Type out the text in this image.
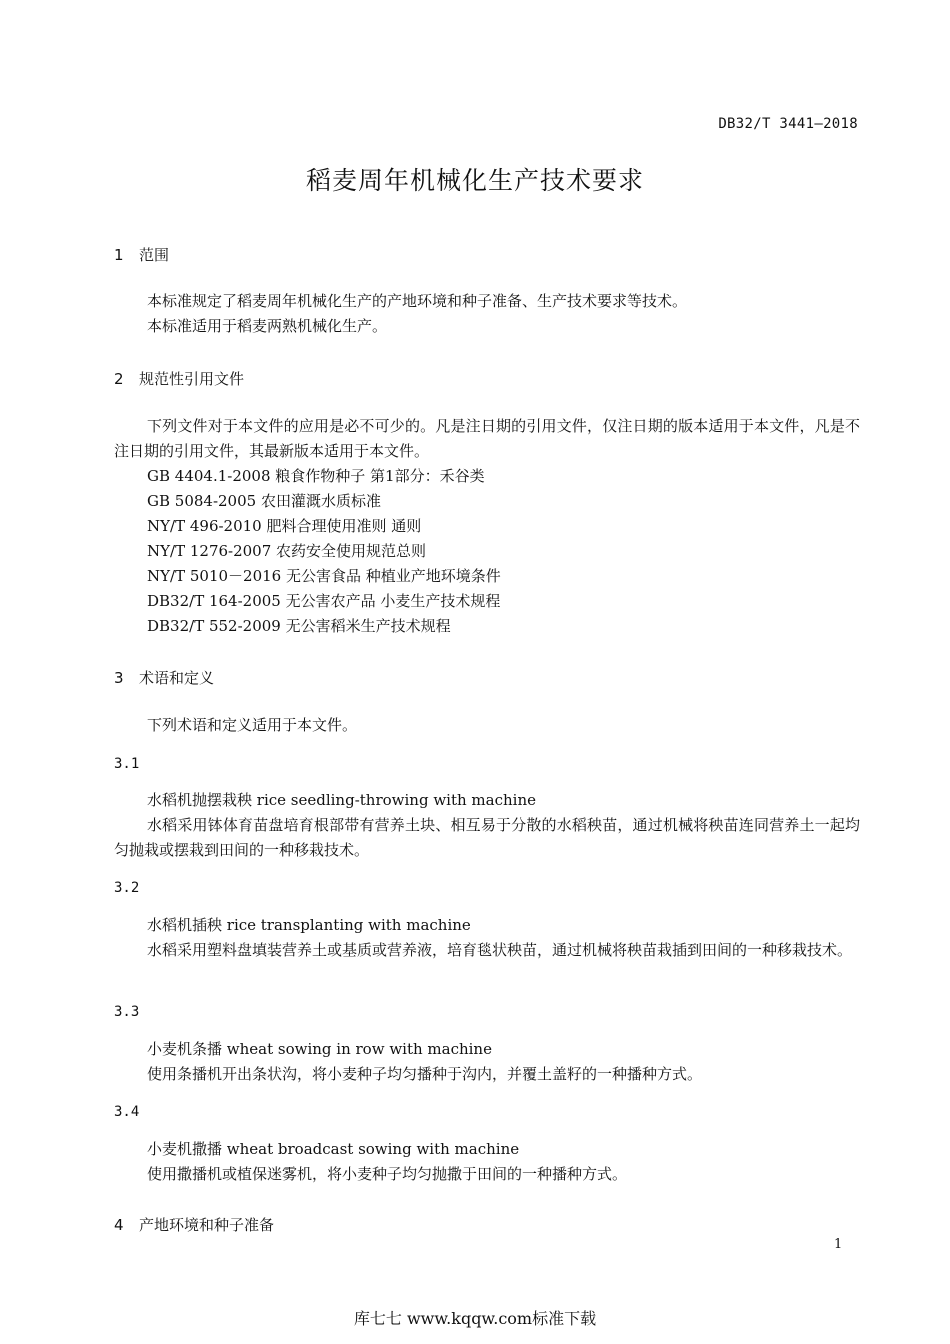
DB32/T 3441—2018
稻麦周年机械化生产技术要求
1 范围
本标准规定了稻麦周年机械化生产的产地环境和种子准备、生产技术要求等技术。
本标准适用于稻麦两熟机械化生产。
2 规范性引用文件
下列文件对于本文件的应用是必不可少的。凡是注日期的引用文件，仅注日期的版本适用于本文件，凡是不注日期的引用文件，其最新版本适用于本文件。
GB 4404.1-2008 粮食作物种子 第1部分：禾谷类
GB 5084-2005 农田灌溉水质标准
NY/T 496-2010 肥料合理使用准则 通则
NY/T 1276-2007 农药安全使用规范总则
NY/T 5010－2016 无公害食品 种植业产地环境条件
DB32/T 164-2005 无公害农产品 小麦生产技术规程
DB32/T 552-2009 无公害稻米生产技术规程
3 术语和定义
下列术语和定义适用于本文件。
3.1
水稻机抛摆栽秧 rice seedling-throwing with machine
水稻采用钵体育苗盘培育根部带有营养土块、相互易于分散的水稻秧苗，通过机械将秧苗连同营养土一起均匀抛栽或摆栽到田间的一种移栽技术。
3.2
水稻机插秧 rice transplanting with machine
水稻采用塑料盘填装营养土或基质或营养液，培育毯状秧苗，通过机械将秧苗栽插到田间的一种移栽技术。
3.3
小麦机条播 wheat sowing in row with machine
使用条播机开出条状沟，将小麦种子均匀播种于沟内，并覆土盖籽的一种播种方式。
3.4
小麦机撒播 wheat broadcast sowing with machine
使用撒播机或植保迷雾机，将小麦种子均匀抛撒于田间的一种播种方式。
4 产地环境和种子准备
1
库七七 www.kqqw.com标准下载
